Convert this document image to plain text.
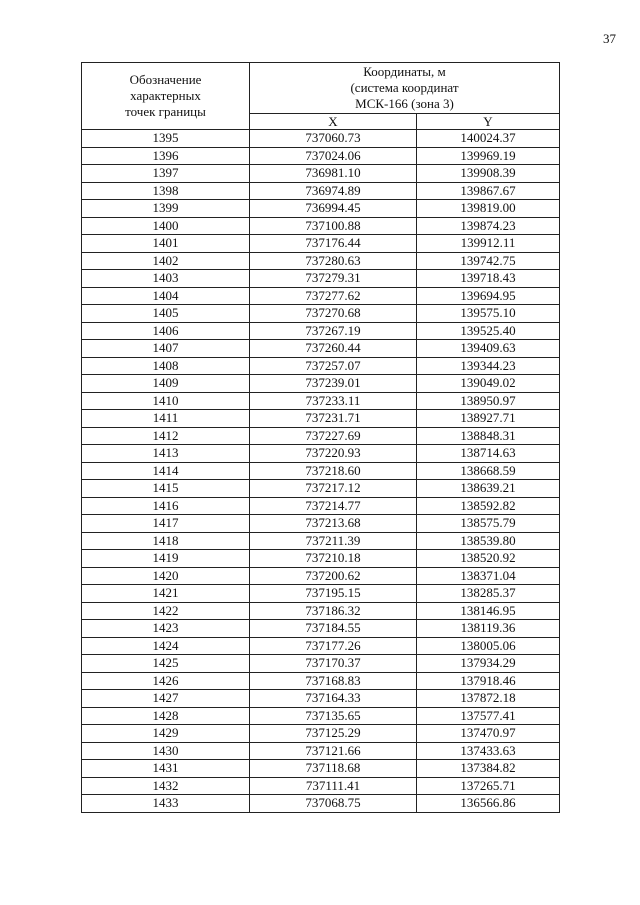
37
Обозначение
характерных
точек границы	Координаты, м
(система координат
МСК-166 (зона 3)	

	X	Y
1395	737060.73	140024.37
1396	737024.06	139969.19
1397	736981.10	139908.39
1398	736974.89	139867.67
1399	736994.45	139819.00
1400	737100.88	139874.23
1401	737176.44	139912.11
1402	737280.63	139742.75
1403	737279.31	139718.43
1404	737277.62	139694.95
1405	737270.68	139575.10
1406	737267.19	139525.40
1407	737260.44	139409.63
1408	737257.07	139344.23
1409	737239.01	139049.02
1410	737233.11	138950.97
1411	737231.71	138927.71
1412	737227.69	138848.31
1413	737220.93	138714.63
1414	737218.60	138668.59
1415	737217.12	138639.21
1416	737214.77	138592.82
1417	737213.68	138575.79
1418	737211.39	138539.80
1419	737210.18	138520.92
1420	737200.62	138371.04
1421	737195.15	138285.37
1422	737186.32	138146.95
1423	737184.55	138119.36
1424	737177.26	138005.06
1425	737170.37	137934.29
1426	737168.83	137918.46
1427	737164.33	137872.18
1428	737135.65	137577.41
1429	737125.29	137470.97
1430	737121.66	137433.63
1431	737118.68	137384.82
1432	737111.41	137265.71
1433	737068.75	136566.86
